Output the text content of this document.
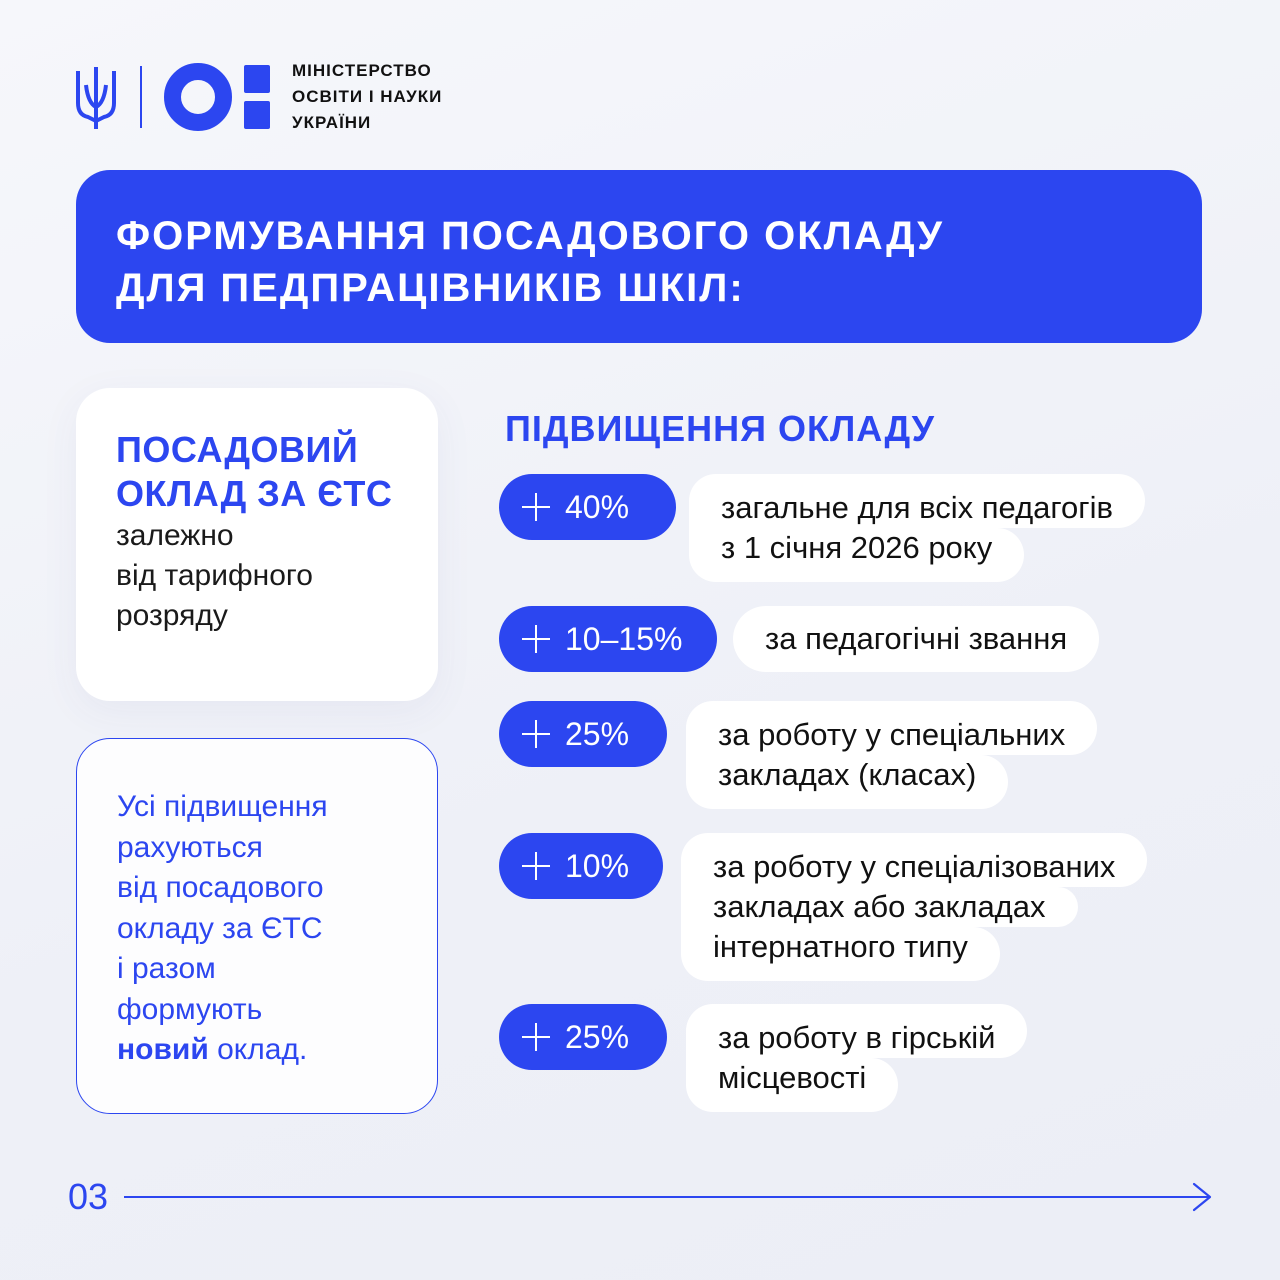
МІНІСТЕРСТВО
ОСВІТИ І НАУКИ
УКРАЇНИ
ФОРМУВАННЯ ПОСАДОВОГО ОКЛАДУ
ДЛЯ ПЕДПРАЦІВНИКІВ ШКІЛ:
ПОСАДОВИЙ
ОКЛАД ЗА ЄТС
залежно
від тарифного
розряду
Усі підвищення
рахуються
від посадового
окладу за ЄТС
і разом
формують
новий оклад.
ПІДВИЩЕННЯ ОКЛАДУ
40%	загальне для всіх педагогів
з 1 січня 2026 року
10–15%	за педагогічні звання
25%	за роботу у спеціальних
закладах (класах)
10%	за роботу у спеціалізованих
закладах або закладах
інтернатного типу
25%	за роботу в гірській
місцевості
03
